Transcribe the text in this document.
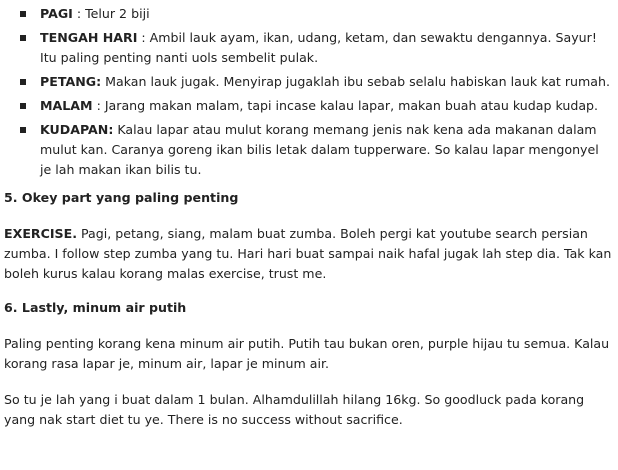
PAGI : Telur 2 biji
TENGAH HARI : Ambil lauk ayam, ikan, udang, ketam, dan sewaktu dengannya. Sayur! Itu paling penting nanti uols sembelit pulak.
PETANG: Makan lauk jugak. Menyirap jugaklah ibu sebab selalu habiskan lauk kat rumah.
MALAM : Jarang makan malam, tapi incase kalau lapar, makan buah atau kudap kudap.
KUDAPAN: Kalau lapar atau mulut korang memang jenis nak kena ada makanan dalam mulut kan. Caranya goreng ikan bilis letak dalam tupperware. So kalau lapar mengonyel je lah makan ikan bilis tu.
5. Okey part yang paling penting

EXERCISE. Pagi, petang, siang, malam buat zumba. Boleh pergi kat youtube search persian zumba. I follow step zumba yang tu. Hari hari buat sampai naik hafal jugak lah step dia. Tak kan boleh kurus kalau korang malas exercise, trust me.

6. Lastly, minum air putih

Paling penting korang kena minum air putih. Putih tau bukan oren, purple hijau tu semua. Kalau korang rasa lapar je, minum air, lapar je minum air.

So tu je lah yang i buat dalam 1 bulan. Alhamdulillah hilang 16kg. So goodluck pada korang yang nak start diet tu ye. There is no success without sacrifice.
